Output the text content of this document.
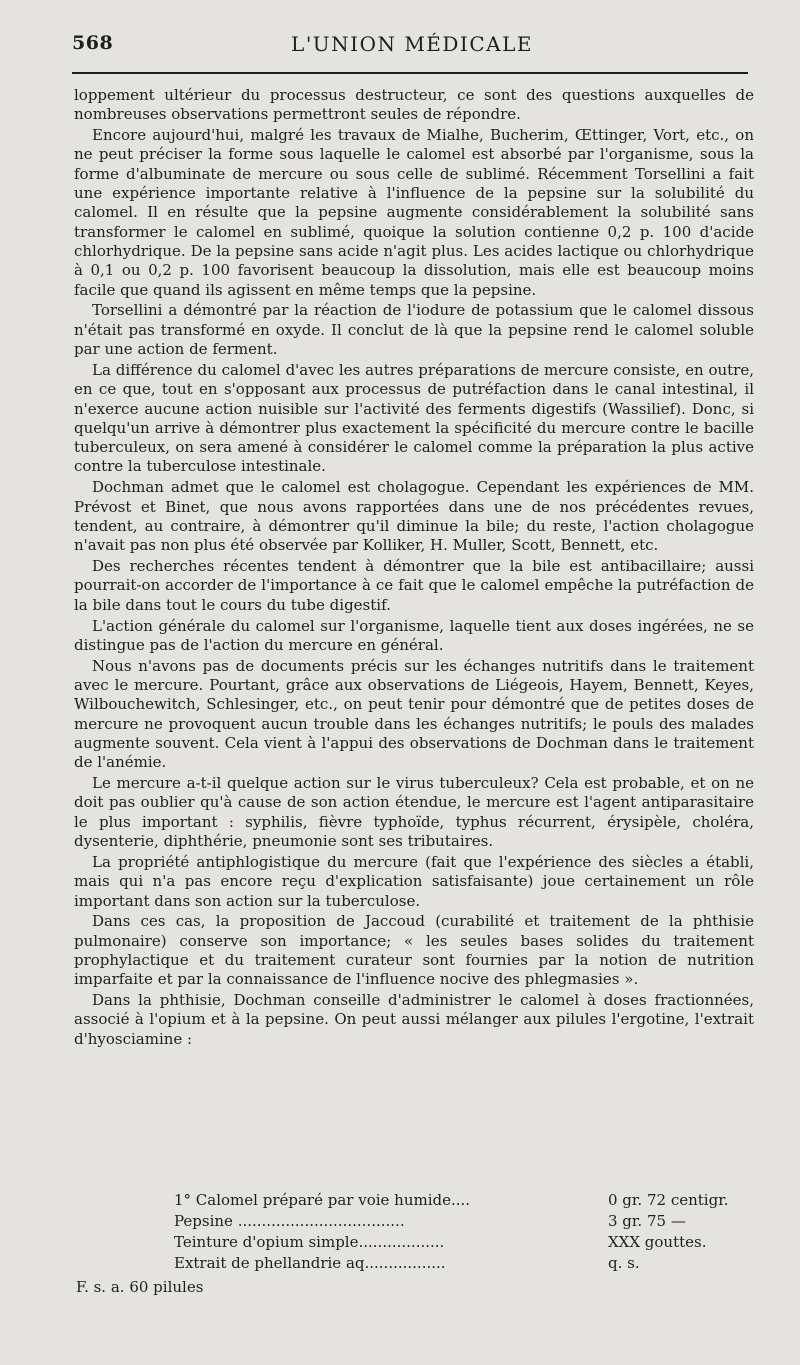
568	L'UNION MÉDICALE

loppement ultérieur du processus destructeur, ce sont des questions auxquelles de nombreuses observations permettront seules de répondre.

Encore aujourd'hui, malgré les travaux de Mialhe, Bucherim, Œttinger, Vort, etc., on ne peut préciser la forme sous laquelle le calomel est absorbé par l'organisme, sous la forme d'albuminate de mercure ou sous celle de sublimé. Récemment Torsellini a fait une expérience importante relative à l'influence de la pepsine sur la solubilité du calomel. Il en résulte que la pepsine augmente considérablement la solubilité sans transformer le calomel en sublimé, quoique la solution contienne 0,2 p. 100 d'acide chlorhydrique. De la pepsine sans acide n'agit plus. Les acides lactique ou chlorhydrique à 0,1 ou 0,2 p. 100 favorisent beaucoup la dissolution, mais elle est beaucoup moins facile que quand ils agissent en même temps que la pepsine.

Torsellini a démontré par la réaction de l'iodure de potassium que le calomel dissous n'était pas transformé en oxyde. Il conclut de là que la pepsine rend le calomel soluble par une action de ferment.

La différence du calomel d'avec les autres préparations de mercure consiste, en outre, en ce que, tout en s'opposant aux processus de putréfaction dans le canal intestinal, il n'exerce aucune action nuisible sur l'activité des ferments digestifs (Wassilief). Donc, si quelqu'un arrive à démontrer plus exactement la spécificité du mercure contre le bacille tuberculeux, on sera amené à considérer le calomel comme la préparation la plus active contre la tuberculose intestinale.

Dochman admet que le calomel est cholagogue. Cependant les expériences de MM. Prévost et Binet, que nous avons rapportées dans une de nos précédentes revues, tendent, au contraire, à démontrer qu'il diminue la bile; du reste, l'action cholagogue n'avait pas non plus été observée par Kolliker, H. Muller, Scott, Bennett, etc.

Des recherches récentes tendent à démontrer que la bile est antibacillaire; aussi pourrait-on accorder de l'importance à ce fait que le calomel empêche la putréfaction de la bile dans tout le cours du tube digestif.

L'action générale du calomel sur l'organisme, laquelle tient aux doses ingérées, ne se distingue pas de l'action du mercure en général.

Nous n'avons pas de documents précis sur les échanges nutritifs dans le traitement avec le mercure. Pourtant, grâce aux observations de Liégeois, Hayem, Bennett, Keyes, Wilbouchewitch, Schlesinger, etc., on peut tenir pour démontré que de petites doses de mercure ne provoquent aucun trouble dans les échanges nutritifs; le pouls des malades augmente souvent. Cela vient à l'appui des observations de Dochman dans le traitement de l'anémie.

Le mercure a-t-il quelque action sur le virus tuberculeux? Cela est probable, et on ne doit pas oublier qu'à cause de son action étendue, le mercure est l'agent antiparasitaire le plus important : syphilis, fièvre typhoïde, typhus récurrent, érysipèle, choléra, dysenterie, diphthérie, pneumonie sont ses tributaires.

La propriété antiphlogistique du mercure (fait que l'expérience des siècles a établi, mais qui n'a pas encore reçu d'explication satisfaisante) joue certainement un rôle important dans son action sur la tuberculose.

Dans ces cas, la proposition de Jaccoud (curabilité et traitement de la phthisie pulmonaire) conserve son importance; « les seules bases solides du traitement prophylactique et du traitement curateur sont fournies par la notion de nutrition imparfaite et par la connaissance de l'influence nocive des phlegmasies ».

Dans la phthisie, Dochman conseille d'administrer le calomel à doses fractionnées, associé à l'opium et à la pepsine. On peut aussi mélanger aux pilules l'ergotine, l'extrait d'hyosciamine :

1° Calomel préparé par voie humide....	0 gr. 72 centigr.
Pepsine ...................................	3 gr. 75 —
Teinture d'opium simple..................	XXX gouttes.
Extrait de phellandrie aq.................	q. s.
F. s. a. 60 pilules
